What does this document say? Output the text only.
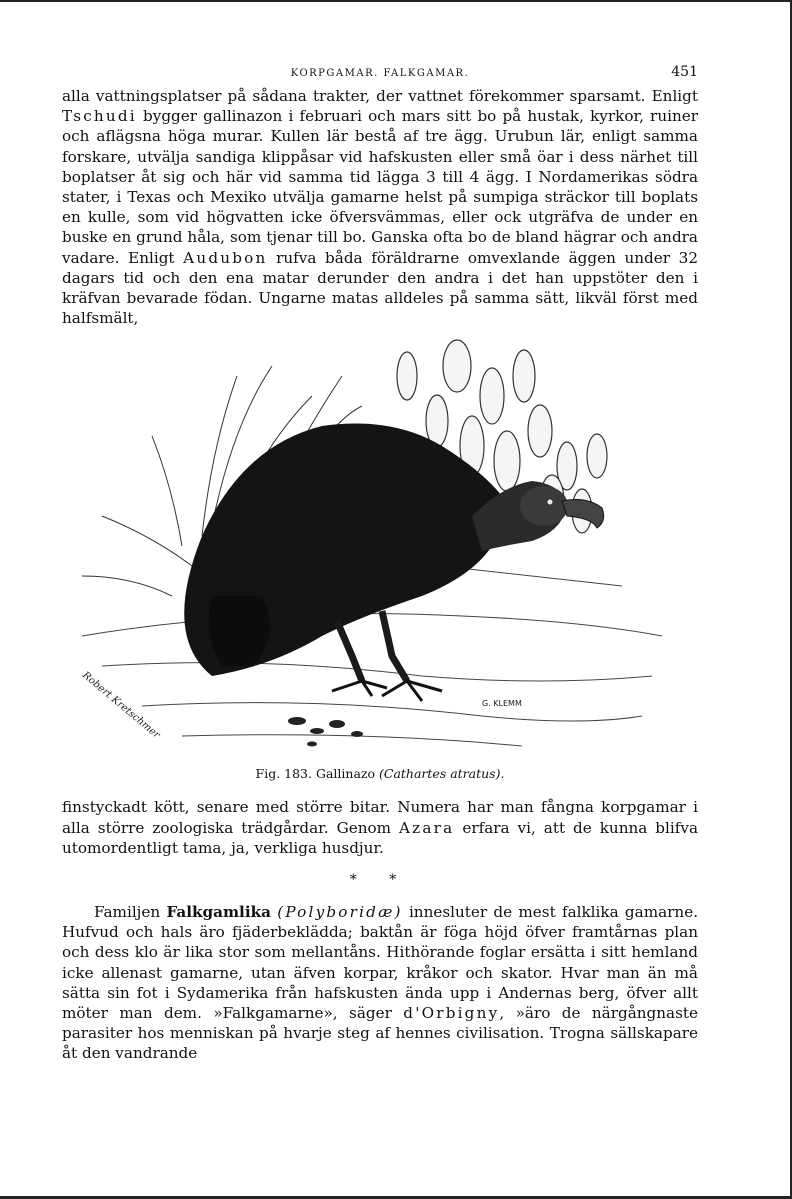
KORPGAMAR. FALKGAMAR.	451

alla vattningsplatser på sådana trakter, der vattnet förekommer sparsamt. Enligt Tschudi bygger gallinazon i februari och mars sitt bo på hustak, kyrkor, ruiner och aflägsna höga murar. Kullen lär bestå af tre ägg. Urubun lär, enligt samma forskare, utvälja sandiga klippåsar vid hafskusten eller små öar i dess närhet till boplatser åt sig och här vid samma tid lägga 3 till 4 ägg. I Nordamerikas södra stater, i Texas och Mexiko utvälja gamarne helst på sumpiga sträckor till boplats en kulle, som vid högvatten icke öfversvämmas, eller ock utgräfva de under en buske en grund håla, som tjenar till bo. Ganska ofta bo de bland hägrar och andra vadare. Enligt Audubon rufva båda föräldrarne omvexlande äggen under 32 dagars tid och den ena matar derunder den andra i det han uppstöter den i kräfvan bevarade födan. Ungarne matas alldeles på samma sätt, likväl först med halfsmält,

Robert Kretschmer	G. KLEMM
Fig. 183. Gallinazo (Cathartes atratus).

finstyckadt kött, senare med större bitar. Numera har man fångna korpgamar i alla större zoologiska trädgårdar. Genom Azara erfara vi, att de kunna blifva utomordentligt tama, ja, verkliga husdjur.

* *

Familjen Falkgamlika (Polyboridæ) innesluter de mest falklika gamarne. Hufvud och hals äro fjäderbeklädda; baktån är föga höjd öfver framtårnas plan och dess klo är lika stor som mellantåns. Hithörande foglar ersätta i sitt hemland icke allenast gamarne, utan äfven korpar, kråkor och skator. Hvar man än må sätta sin fot i Sydamerika från hafskusten ända upp i Andernas berg, öfver allt möter man dem. »Falkgamarne», säger d'Orbigny, »äro de närgångnaste parasiter hos menniskan på hvarje steg af hennes civilisation. Trogna sällskapare åt den vandrande
